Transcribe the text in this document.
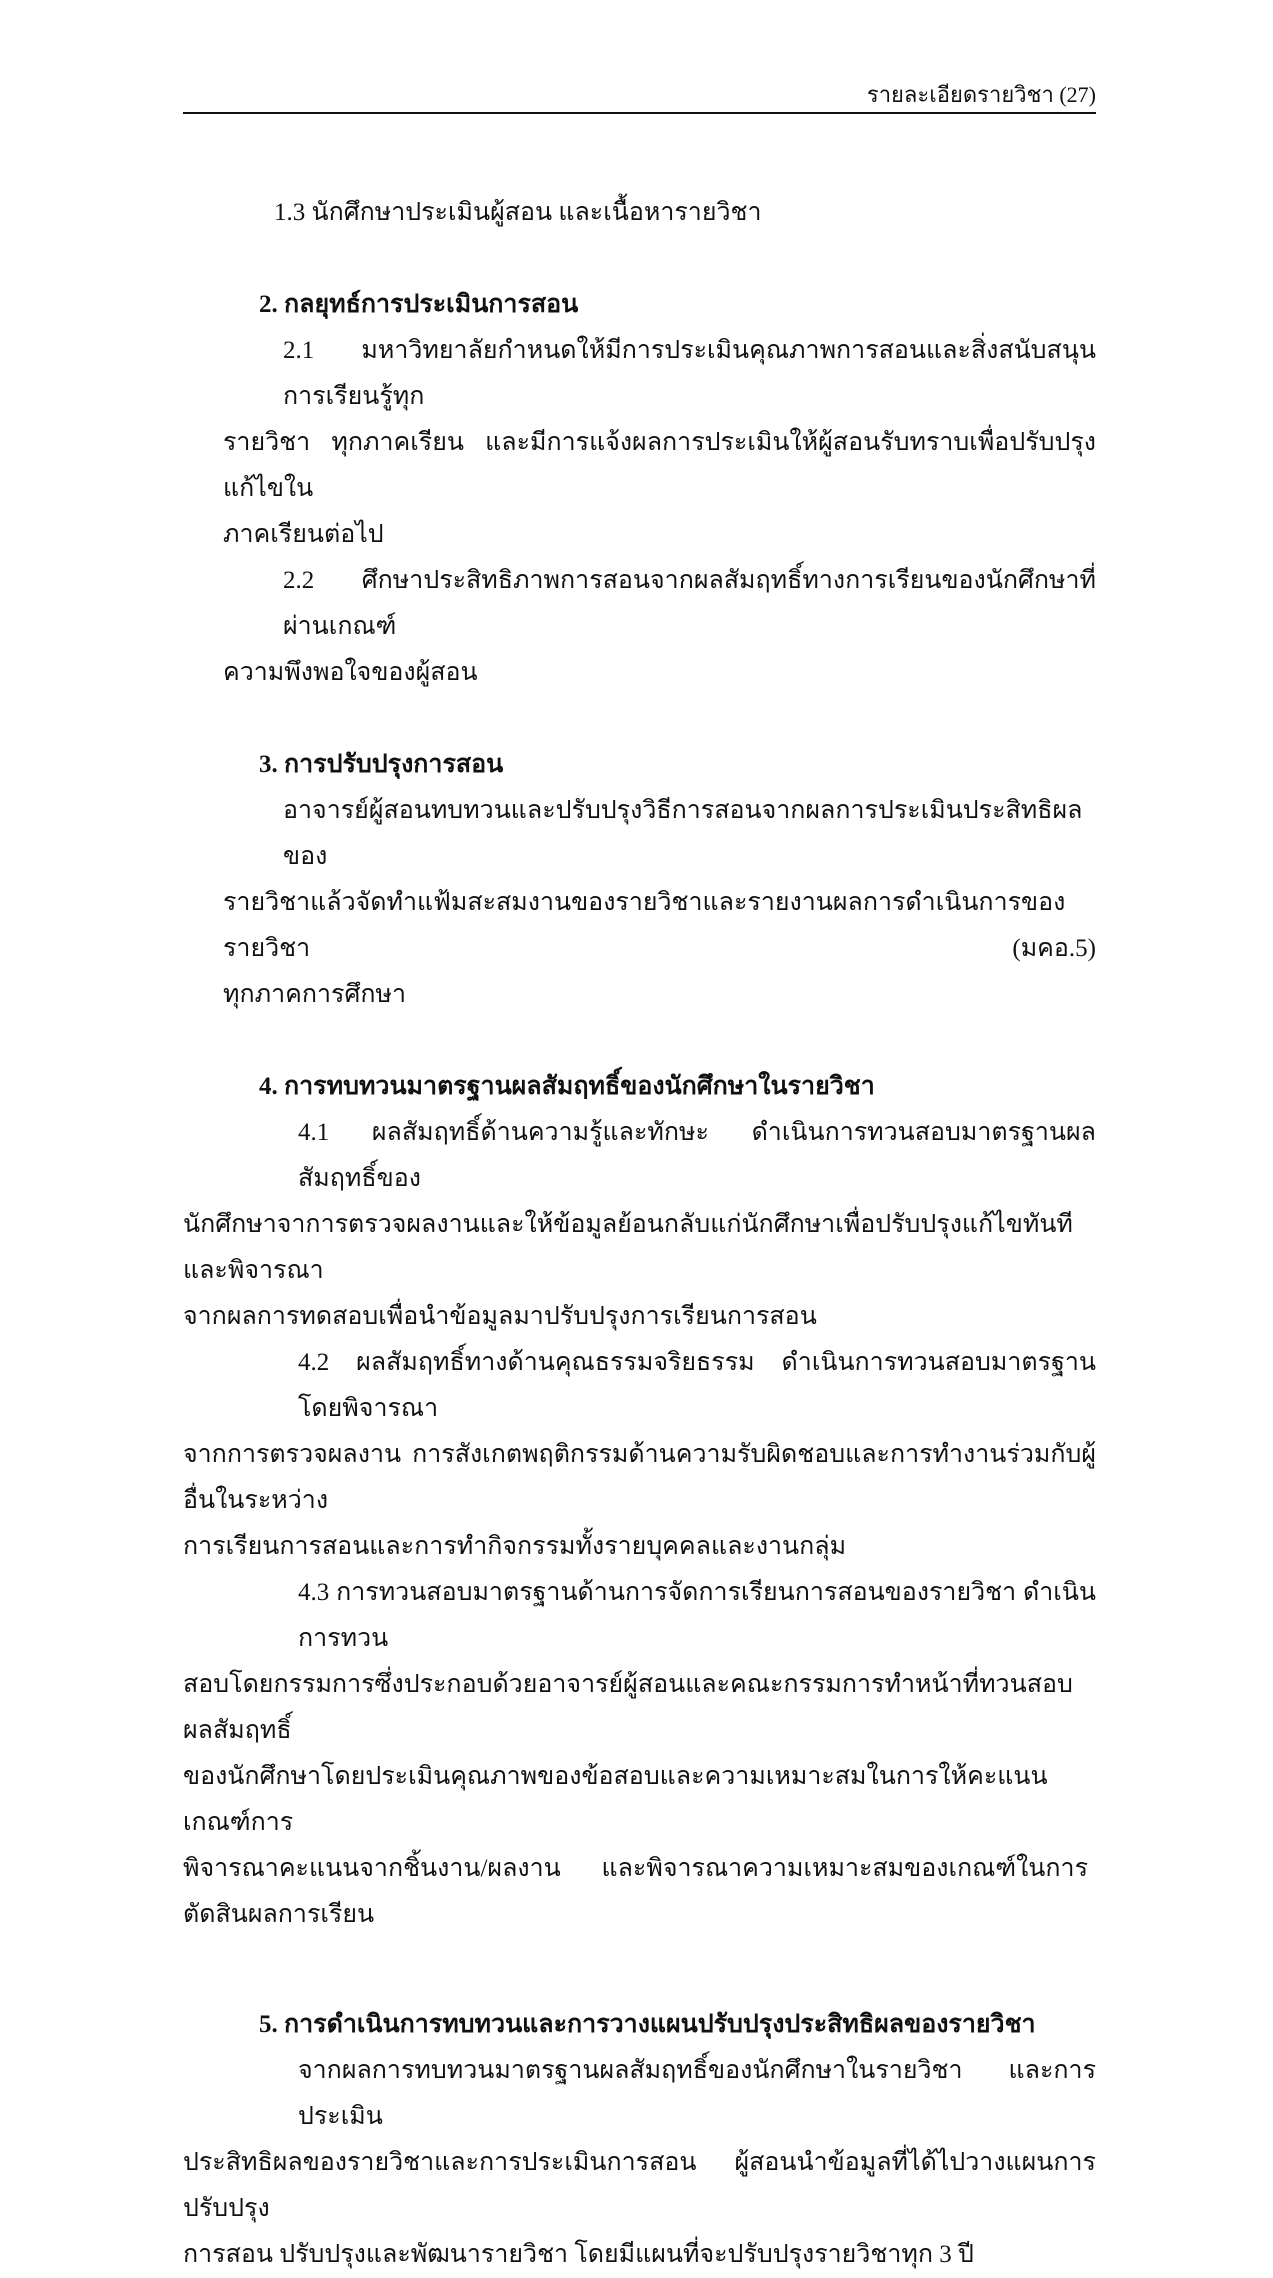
รายละเอียดรายวิชา (27)
1.3 นักศึกษาประเมินผู้สอน และเนื้อหารายวิชา
2. กลยุทธ์การประเมินการสอน
2.1 มหาวิทยาลัยกำหนดให้มีการประเมินคุณภาพการสอนและสิ่งสนับสนุนการเรียนรู้ทุก
รายวิชา ทุกภาคเรียน และมีการแจ้งผลการประเมินให้ผู้สอนรับทราบเพื่อปรับปรุงแก้ไขใน
ภาคเรียนต่อไป
2.2 ศึกษาประสิทธิภาพการสอนจากผลสัมฤทธิ์ทางการเรียนของนักศึกษาที่ผ่านเกณฑ์
ความพึงพอใจของผู้สอน
3. การปรับปรุงการสอน
อาจารย์ผู้สอนทบทวนและปรับปรุงวิธีการสอนจากผลการประเมินประสิทธิผลของ
รายวิชาแล้วจัดทำแฟ้มสะสมงานของรายวิชาและรายงานผลการดำเนินการของรายวิชา (มคอ.5)
ทุกภาคการศึกษา
4. การทบทวนมาตรฐานผลสัมฤทธิ์ของนักศึกษาในรายวิชา
4.1 ผลสัมฤทธิ์ด้านความรู้และทักษะ ดำเนินการทวนสอบมาตรฐานผลสัมฤทธิ์ของ
นักศึกษาจาการตรวจผลงานและให้ข้อมูลย้อนกลับแก่นักศึกษาเพื่อปรับปรุงแก้ไขทันที และพิจารณา
จากผลการทดสอบเพื่อนำข้อมูลมาปรับปรุงการเรียนการสอน
4.2 ผลสัมฤทธิ์ทางด้านคุณธรรมจริยธรรม ดำเนินการทวนสอบมาตรฐานโดยพิจารณา
จากการตรวจผลงาน การสังเกตพฤติกรรมด้านความรับผิดชอบและการทำงานร่วมกับผู้อื่นในระหว่าง
การเรียนการสอนและการทำกิจกรรมทั้งรายบุคคลและงานกลุ่ม
4.3 การทวนสอบมาตรฐานด้านการจัดการเรียนการสอนของรายวิชา ดำเนินการทวน
สอบโดยกรรมการซึ่งประกอบด้วยอาจารย์ผู้สอนและคณะกรรมการทำหน้าที่ทวนสอบผลสัมฤทธิ์
ของนักศึกษาโดยประเมินคุณภาพของข้อสอบและความเหมาะสมในการให้คะแนน เกณฑ์การ
พิจารณาคะแนนจากชิ้นงาน/ผลงาน และพิจารณาความเหมาะสมของเกณฑ์ในการตัดสินผลการเรียน
5. การดำเนินการทบทวนและการวางแผนปรับปรุงประสิทธิผลของรายวิชา
จากผลการทบทวนมาตรฐานผลสัมฤทธิ์ของนักศึกษาในรายวิชา และการประเมิน
ประสิทธิผลของรายวิชาและการประเมินการสอน ผู้สอนนำข้อมูลที่ได้ไปวางแผนการปรับปรุง
การสอน ปรับปรุงและพัฒนารายวิชา โดยมีแผนที่จะปรับปรุงรายวิชาทุก 3 ปี
